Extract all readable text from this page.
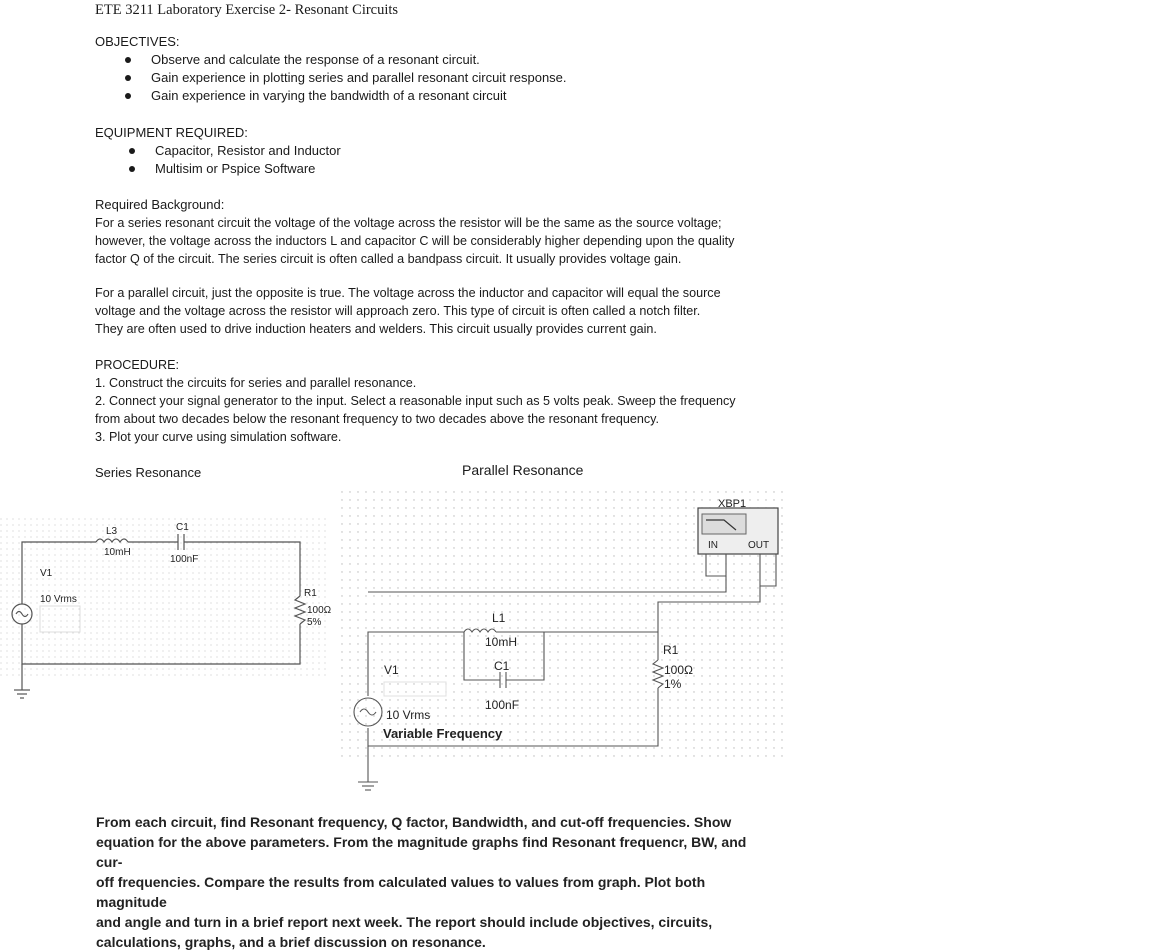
ETE 3211 Laboratory Exercise 2- Resonant Circuits
OBJECTIVES:
Observe and calculate the response of a resonant circuit.
Gain experience in plotting series and parallel resonant circuit response.
Gain experience in varying the bandwidth of a resonant circuit
EQUIPMENT REQUIRED:
Capacitor, Resistor and Inductor
Multisim or Pspice Software
Required Background:
For a series resonant circuit the voltage of the voltage across the resistor will be the same as the source voltage;
however, the voltage across the inductors L and capacitor C will be considerably higher depending upon the quality
factor Q of the circuit. The series circuit is often called a bandpass circuit. It usually provides voltage gain.
For a parallel circuit, just the opposite is true. The voltage across the inductor and capacitor will equal the source
voltage and the voltage across the resistor will approach zero. This type of circuit is often called a notch filter.
They are often used to drive induction heaters and welders. This circuit usually provides current gain.
PROCEDURE:
1. Construct the circuits for series and parallel resonance.
2. Connect your signal generator to the input. Select a reasonable input such as 5 volts peak. Sweep the frequency
from about two decades below the resonant frequency to two decades above the resonant frequency.
3. Plot your curve using simulation software.
Series Resonance	Parallel Resonance
L3
10mH
C1
100nF
R1
100Ω
5%
V1
10 Vrms
XBP1
IN	OUT
L1
10mH
C1
100nF
R1
100Ω
1%
V1
10 Vrms
Variable Frequency
From each circuit, find Resonant frequency, Q factor, Bandwidth, and cut-off frequencies. Show
equation for the above parameters. From the magnitude graphs find Resonant frequencr, BW, and cur-
off frequencies. Compare the results from calculated values to values from graph. Plot both magnitude
and angle and turn in a brief report next week. The report should include objectives, circuits,
calculations, graphs, and a brief discussion on resonance.
